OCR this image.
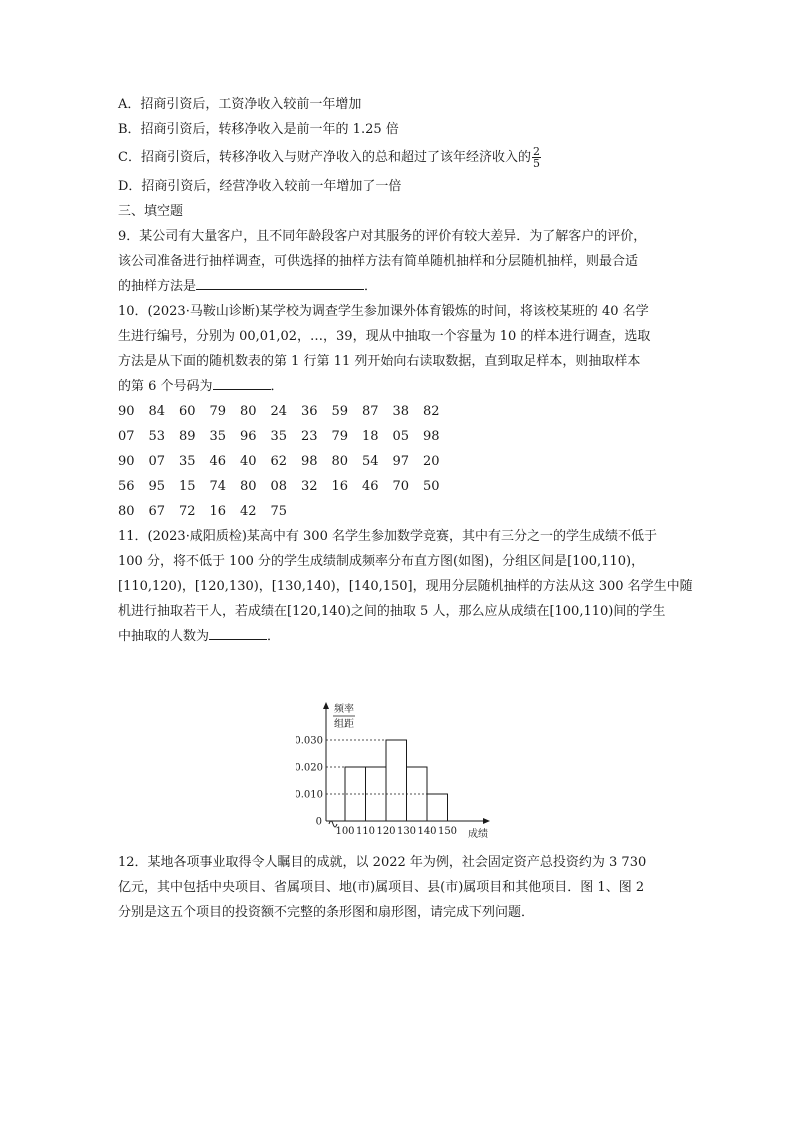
A．招商引资后，工资净收入较前一年增加
B．招商引资后，转移净收入是前一年的 1.25 倍
C．招商引资后，转移净收入与财产净收入的总和超过了该年经济收入的 $\frac{2}{5}$
D．招商引资后，经营净收入较前一年增加了一倍
三、填空题
9．某公司有大量客户，且不同年龄段客户对其服务的评价有较大差异．为了解客户的评价，
该公司准备进行抽样调查，可供选择的抽样方法有简单随机抽样和分层随机抽样，则最合适
的抽样方法是	．
10．(2023·马鞍山诊断)某学校为调查学生参加课外体育锻炼的时间，将该校某班的 40 名学
生进行编号，分别为 00,01,02，…，39，现从中抽取一个容量为 10 的样本进行调查，选取
方法是从下面的随机数表的第 1 行第 11 列开始向右读取数据，直到取足样本，则抽取样本
的第 6 个号码为	．
90	84	60	79	80	24	36	59	87	38	82
07	53	89	35	96	35	23	79	18	05	98
90	07	35	46	40	62	98	80	54	97	20
56	95	15	74	80	08	32	16	46	70	50
80	67	72	16	42	75
11．(2023·咸阳质检)某高中有 300 名学生参加数学竞赛，其中有三分之一的学生成绩不低于
100 分，将不低于 100 分的学生成绩制成频率分布直方图(如图)，分组区间是[100,110)，
[110,120)，[120,130)，[130,140)，[140,150]，现用分层随机抽样的方法从这 300 名学生中随
机进行抽取若干人，若成绩在[120,140)之间的抽取 5 人，那么应从成绩在[100,110)间的学生
中抽取的人数为	．
0.010
0.020
0.030
0
100 110 120 130 140 150 成绩
频率
组距
12．某地各项事业取得令人瞩目的成就，以 2022 年为例，社会固定资产总投资约为 3 730
亿元，其中包括中央项目、省属项目、地(市)属项目、县(市)属项目和其他项目．图 1、图 2
分别是这五个项目的投资额不完整的条形图和扇形图，请完成下列问题．
